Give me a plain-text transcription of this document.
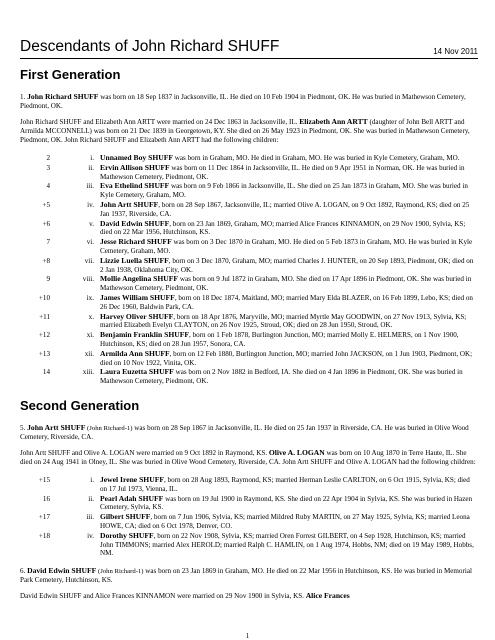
Descendants of John Richard SHUFF	14 Nov 2011
First Generation

1. John Richard SHUFF was born on 18 Sep 1837 in Jacksonville, IL. He died on 10 Feb 1904 in Piedmont, OK. He was buried in Mathewson Cemetery, Piedmont, OK.

John Richard SHUFF and Elizabeth Ann ARTT were married on 24 Dec 1863 in Jacksonville, IL. Elizabeth Ann ARTT (daughter of John Bell ARTT and Armilda MCCONNELL) was born on 21 Dec 1839 in Georgetown, KY. She died on 26 May 1923 in Piedmont, OK. She was buried in Mathewson Cemetery, Piedmont, OK. John Richard SHUFF and Elizabeth Ann ARTT had the following children:

2	i. Unnamed Boy SHUFF was born in Graham, MO. He died in Graham, MO. He was buried in Kyle Cemetery, Graham, MO.
3	ii. Ervin Allison SHUFF was born on 11 Dec 1864 in Jacksonville, IL. He died on 9 Apr 1951 in Norman, OK. He was buried in Mathewson Cemetery, Piedmont, OK.
4	iii. Eva Ethelind SHUFF was born on 9 Feb 1866 in Jacksonville, IL. She died on 25 Jan 1873 in Graham, MO. She was buried in Kyle Cemetery, Graham, MO.
+5	iv. John Artt SHUFF, born on 28 Sep 1867, Jacksonville, IL; married Olive A. LOGAN, on 9 Oct 1892, Raymond, KS; died on 25 Jan 1937, Riverside, CA.
+6	v. David Edwin SHUFF, born on 23 Jan 1869, Graham, MO; married Alice Frances KINNAMON, on 29 Nov 1900, Sylvia, KS; died on 22 Mar 1956, Hutchinson, KS.
7	vi. Jesse Richard SHUFF was born on 3 Dec 1870 in Graham, MO. He died on 5 Feb 1873 in Graham, MO. He was buried in Kyle Cemetery, Graham, MO.
+8	vii. Lizzie Luella SHUFF, born on 3 Dec 1870, Graham, MO; married Charles J. HUNTER, on 20 Sep 1893, Piedmont, OK; died on 2 Jan 1938, Oklahoma City, OK.
9	viii. Mollie Angelina SHUFF was born on 9 Jul 1872 in Graham, MO. She died on 17 Apr 1896 in Piedmont, OK. She was buried in Mathewson Cemetery, Piedmont, OK.
+10	ix. James William SHUFF, born on 18 Dec 1874, Maitland, MO; married Mary Elda BLAZER, on 16 Feb 1899, Lebo, KS; died on 26 Dec 1960, Baldwin Park, CA.
+11	x. Harvey Oliver SHUFF, born on 18 Apr 1876, Maryville, MO; married Myrtle May GOODWIN, on 27 Nov 1913, Sylvia, KS; married Elizabeth Evelyn CLAYTON, on 26 Nov 1925, Stroud, OK; died on 28 Jun 1950, Stroud, OK.
+12	xi. Benjamin Franklin SHUFF, born on 1 Feb 1878, Burlington Junction, MO; married Molly E. HELMERS, on 1 Nov 1900, Hutchinson, KS; died on 28 Jun 1957, Sonora, CA.
+13	xii. Armilda Ann SHUFF, born on 12 Feb 1880, Burlington Junction, MO; married John JACKSON, on 1 Jun 1903, Piedmont, OK; died on 10 Nov 1922, Vinita, OK.
14	xiii. Laura Euzetta SHUFF was born on 2 Nov 1882 in Bedford, IA. She died on 4 Jan 1896 in Piedmont, OK. She was buried in Mathewson Cemetery, Piedmont, OK.
Second Generation

5. John Artt SHUFF (John Richard-1) was born on 28 Sep 1867 in Jacksonville, IL. He died on 25 Jan 1937 in Riverside, CA. He was buried in Olive Wood Cemetery, Riverside, CA.

John Artt SHUFF and Olive A. LOGAN were married on 9 Oct 1892 in Raymond, KS. Olive A. LOGAN was born on 10 Aug 1870 in Terre Haute, IL. She died on 24 Aug 1941 in Olney, IL. She was buried in Olive Wood Cemetery, Riverside, CA. John Artt SHUFF and Olive A. LOGAN had the following children:

+15	i. Jewel Irene SHUFF, born on 28 Aug 1893, Raymond, KS; married Herman Leslie CARLTON, on 6 Oct 1915, Sylvia, KS; died on 17 Jul 1973, Vienna, IL.
16	ii. Pearl Adah SHUFF was born on 19 Jul 1900 in Raymond, KS. She died on 22 Apr 1904 in Sylvia, KS. She was buried in Hazen Cemetery, Sylvia, KS.
+17	iii. Gilbert SHUFF, born on 7 Jun 1906, Sylvia, KS; married Mildred Ruby MARTIN, on 27 May 1925, Sylvia, KS; married Leona HOWE, CA; died on 6 Oct 1978, Denver, CO.
+18	iv. Dorothy SHUFF, born on 22 Nov 1908, Sylvia, KS; married Oren Forrest GILBERT, on 4 Sep 1928, Hutchinson, KS; married John TIMMONS; married Alex HEROLD; married Ralph C. HAMLIN, on 1 Aug 1974, Hobbs, NM; died on 19 May 1989, Hobbs, NM.

6. David Edwin SHUFF (John Richard-1) was born on 23 Jan 1869 in Graham, MO. He died on 22 Mar 1956 in Hutchinson, KS. He was buried in Memorial Park Cemetery, Hutchinson, KS.

David Edwin SHUFF and Alice Frances KINNAMON were married on 29 Nov 1900 in Sylvia, KS. Alice Frances

1
